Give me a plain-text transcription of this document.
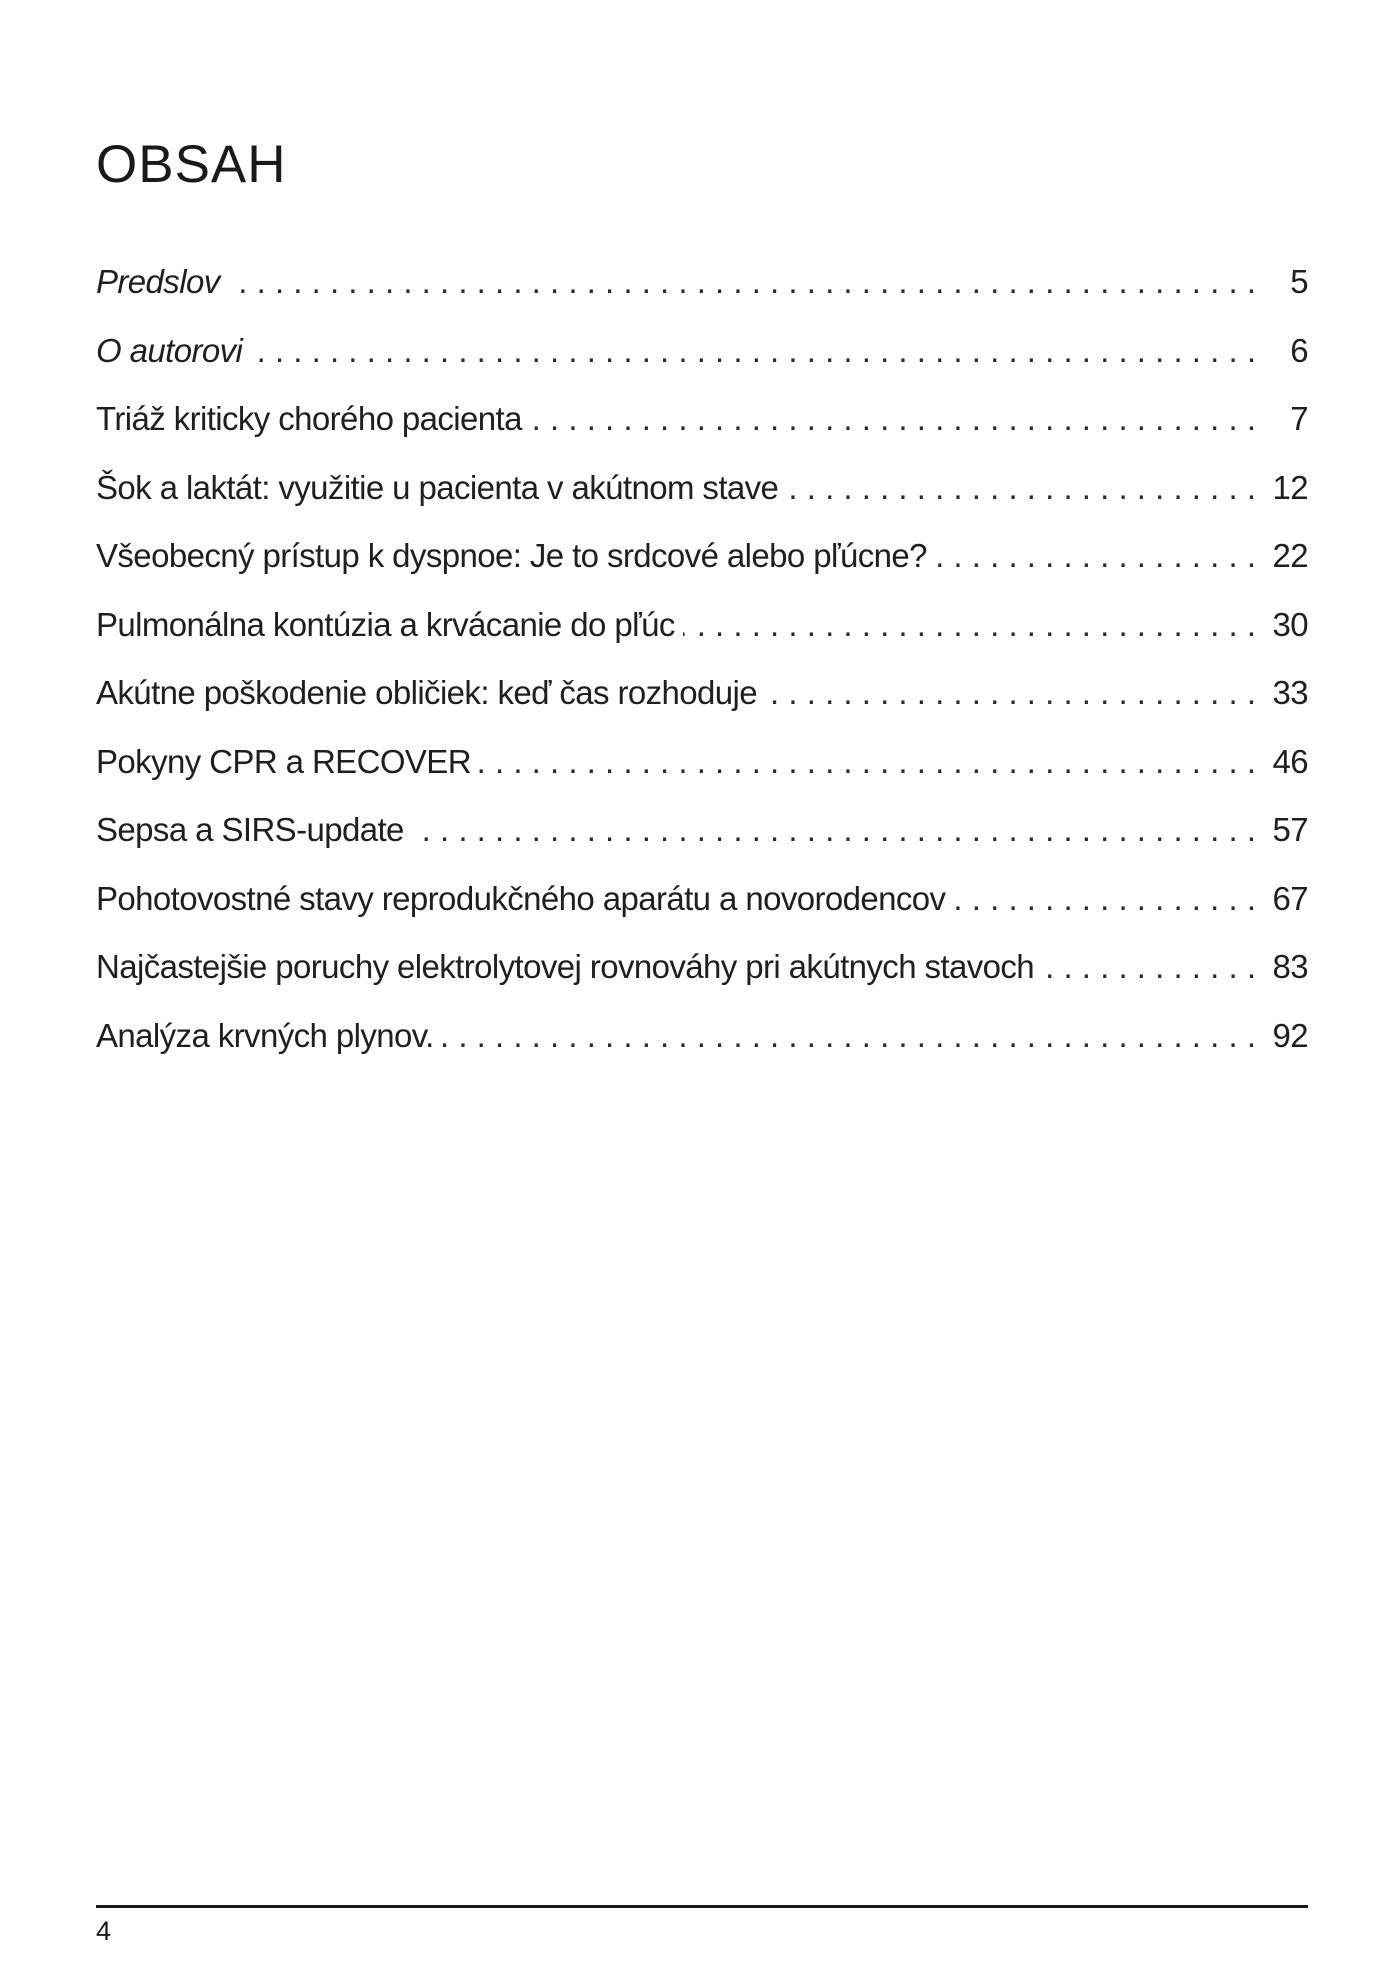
OBSAH
Predslov . . .	5
O autorovi . . .	6
Triáž kriticky chorého pacienta . . .	7
Šok a laktát: využitie u pacienta v akútnom stave . . .	12
Všeobecný prístup k dyspnoe: Je to srdcové alebo pľúcne? . . .	22
Pulmonálna kontúzia a krvácanie do pľúc . . .	30
Akútne poškodenie obličiek: keď čas rozhoduje . . .	33
Pokyny CPR a RECOVER . . .	46
Sepsa a SIRS-update . . .	57
Pohotovostné stavy reprodukčného aparátu a novorodencov . . .	67
Najčastejšie poruchy elektrolytovej rovnováhy pri akútnych stavoch . . .	83
Analýza krvných plynov. . . .	92
4
